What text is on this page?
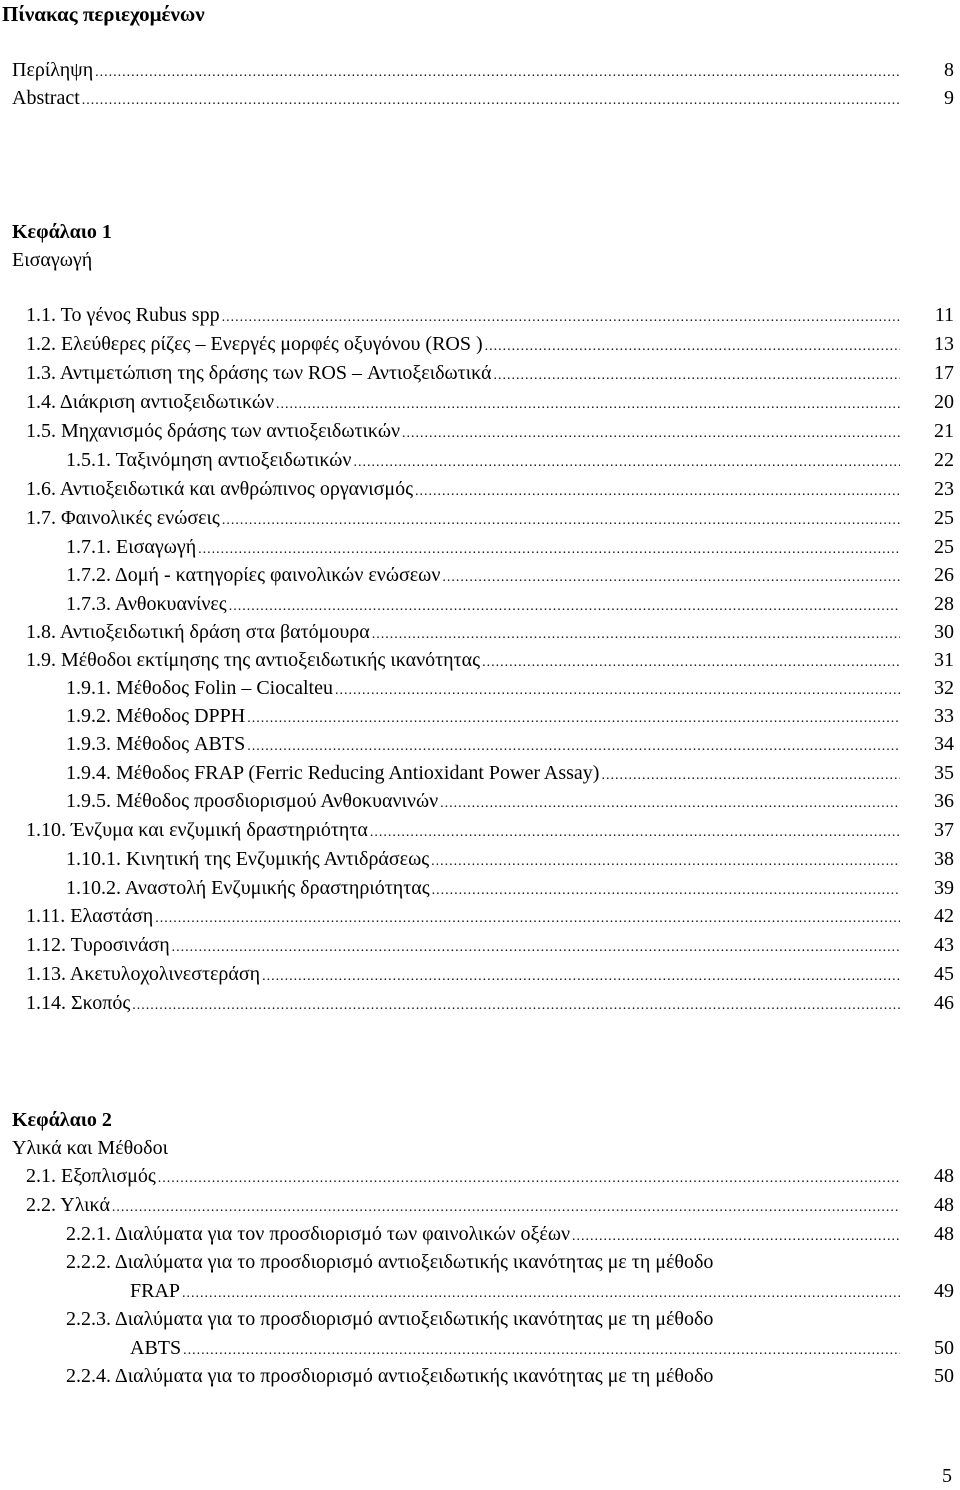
Πίνακας περιεχομένων
Περίληψη .....	8
Abstract .....	9
Κεφάλαιο 1
Εισαγωγή
1.1. Το γένος Rubus spp .....	11
1.2. Ελεύθερες ρίζες – Ενεργές μορφές οξυγόνου (ROS ) .....	13
1.3. Αντιμετώπιση της δράσης των ROS – Αντιοξειδωτικά .....	17
1.4. Διάκριση αντιοξειδωτικών .....	20
1.5. Μηχανισμός δράσης των αντιοξειδωτικών .....	21
1.5.1. Ταξινόμηση αντιοξειδωτικών .....	22
1.6. Αντιοξειδωτικά και ανθρώπινος οργανισμός .....	23
1.7. Φαινολικές ενώσεις .....	25
1.7.1. Εισαγωγή .....	25
1.7.2. Δομή - κατηγορίες φαινολικών ενώσεων .....	26
1.7.3. Ανθοκυανίνες .....	28
1.8. Αντιοξειδωτική δράση στα βατόμουρα .....	30
1.9. Μέθοδοι εκτίμησης της αντιοξειδωτικής ικανότητας .....	31
1.9.1. Μέθοδος Folin – Ciocalteu .....	32
1.9.2. Μέθοδος DPPH .....	33
1.9.3. Μέθοδος ABTS .....	34
1.9.4. Μέθοδος FRAP (Ferric Reducing Antioxidant Power Assay) .....	35
1.9.5. Μέθοδος προσδιορισμού Ανθοκυανινών .....	36
1.10. Ένζυμα και ενζυμική δραστηριότητα .....	37
1.10.1. Κινητική της Ενζυμικής Αντιδράσεως .....	38
1.10.2. Αναστολή Ενζυμικής δραστηριότητας .....	39
1.11. Ελαστάση .....	42
1.12. Τυροσινάση .....	43
1.13. Ακετυλοχολινεστεράση .....	45
1.14. Σκοπός .....	46
Κεφάλαιο 2
Υλικά και Μέθοδοι
2.1. Εξοπλισμός .....	48
2.2. Υλικά .....	48
2.2.1. Διαλύματα για τον προσδιορισμό των φαινολικών οξέων .....	48
2.2.2. Διαλύματα για το προσδιορισμό αντιοξειδωτικής ικανότητας με τη μέθοδο
FRAP .....	49
2.2.3. Διαλύματα για το προσδιορισμό αντιοξειδωτικής ικανότητας με τη μέθοδο
ABTS .....	50
2.2.4. Διαλύματα για το προσδιορισμό αντιοξειδωτικής ικανότητας με τη μέθοδο	50
5
